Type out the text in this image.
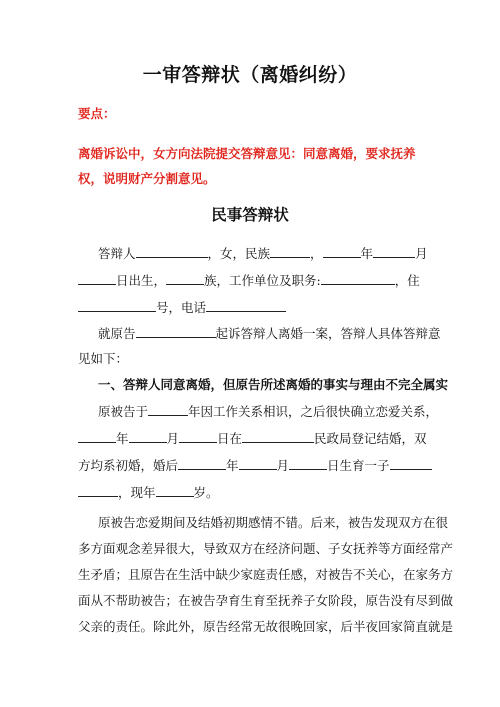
一审答辩状（离婚纠纷）
要点：
离婚诉讼中，女方向法院提交答辩意见：同意离婚，要求抚养权，说明财产分割意见。
民事答辩状
答辩人	，女，民族	，	年	月
日出生，	族，工作单位及职务:	，住
号，电话
就原告	起诉答辩人离婚一案，答辩人具体答辩意
见如下：
一、答辩人同意离婚，但原告所述离婚的事实与理由不完全属实
原被告于	年因工作关系相识，之后很快确立恋爱关系，
年	月	日在	民政局登记结婚，双
方均系初婚，婚后	年	月	日生育一子
，现年	岁。
原被告恋爱期间及结婚初期感情不错。后来，被告发现双方在很
多方面观念差异很大，导致双方在经济问题、子女抚养等方面经常产
生矛盾；且原告在生活中缺少家庭责任感，对被告不关心，在家务方
面从不帮助被告；在被告孕育生育至抚养子女阶段，原告没有尽到做
父亲的责任。除此外，原告经常无故很晚回家，后半夜回家简直就是
